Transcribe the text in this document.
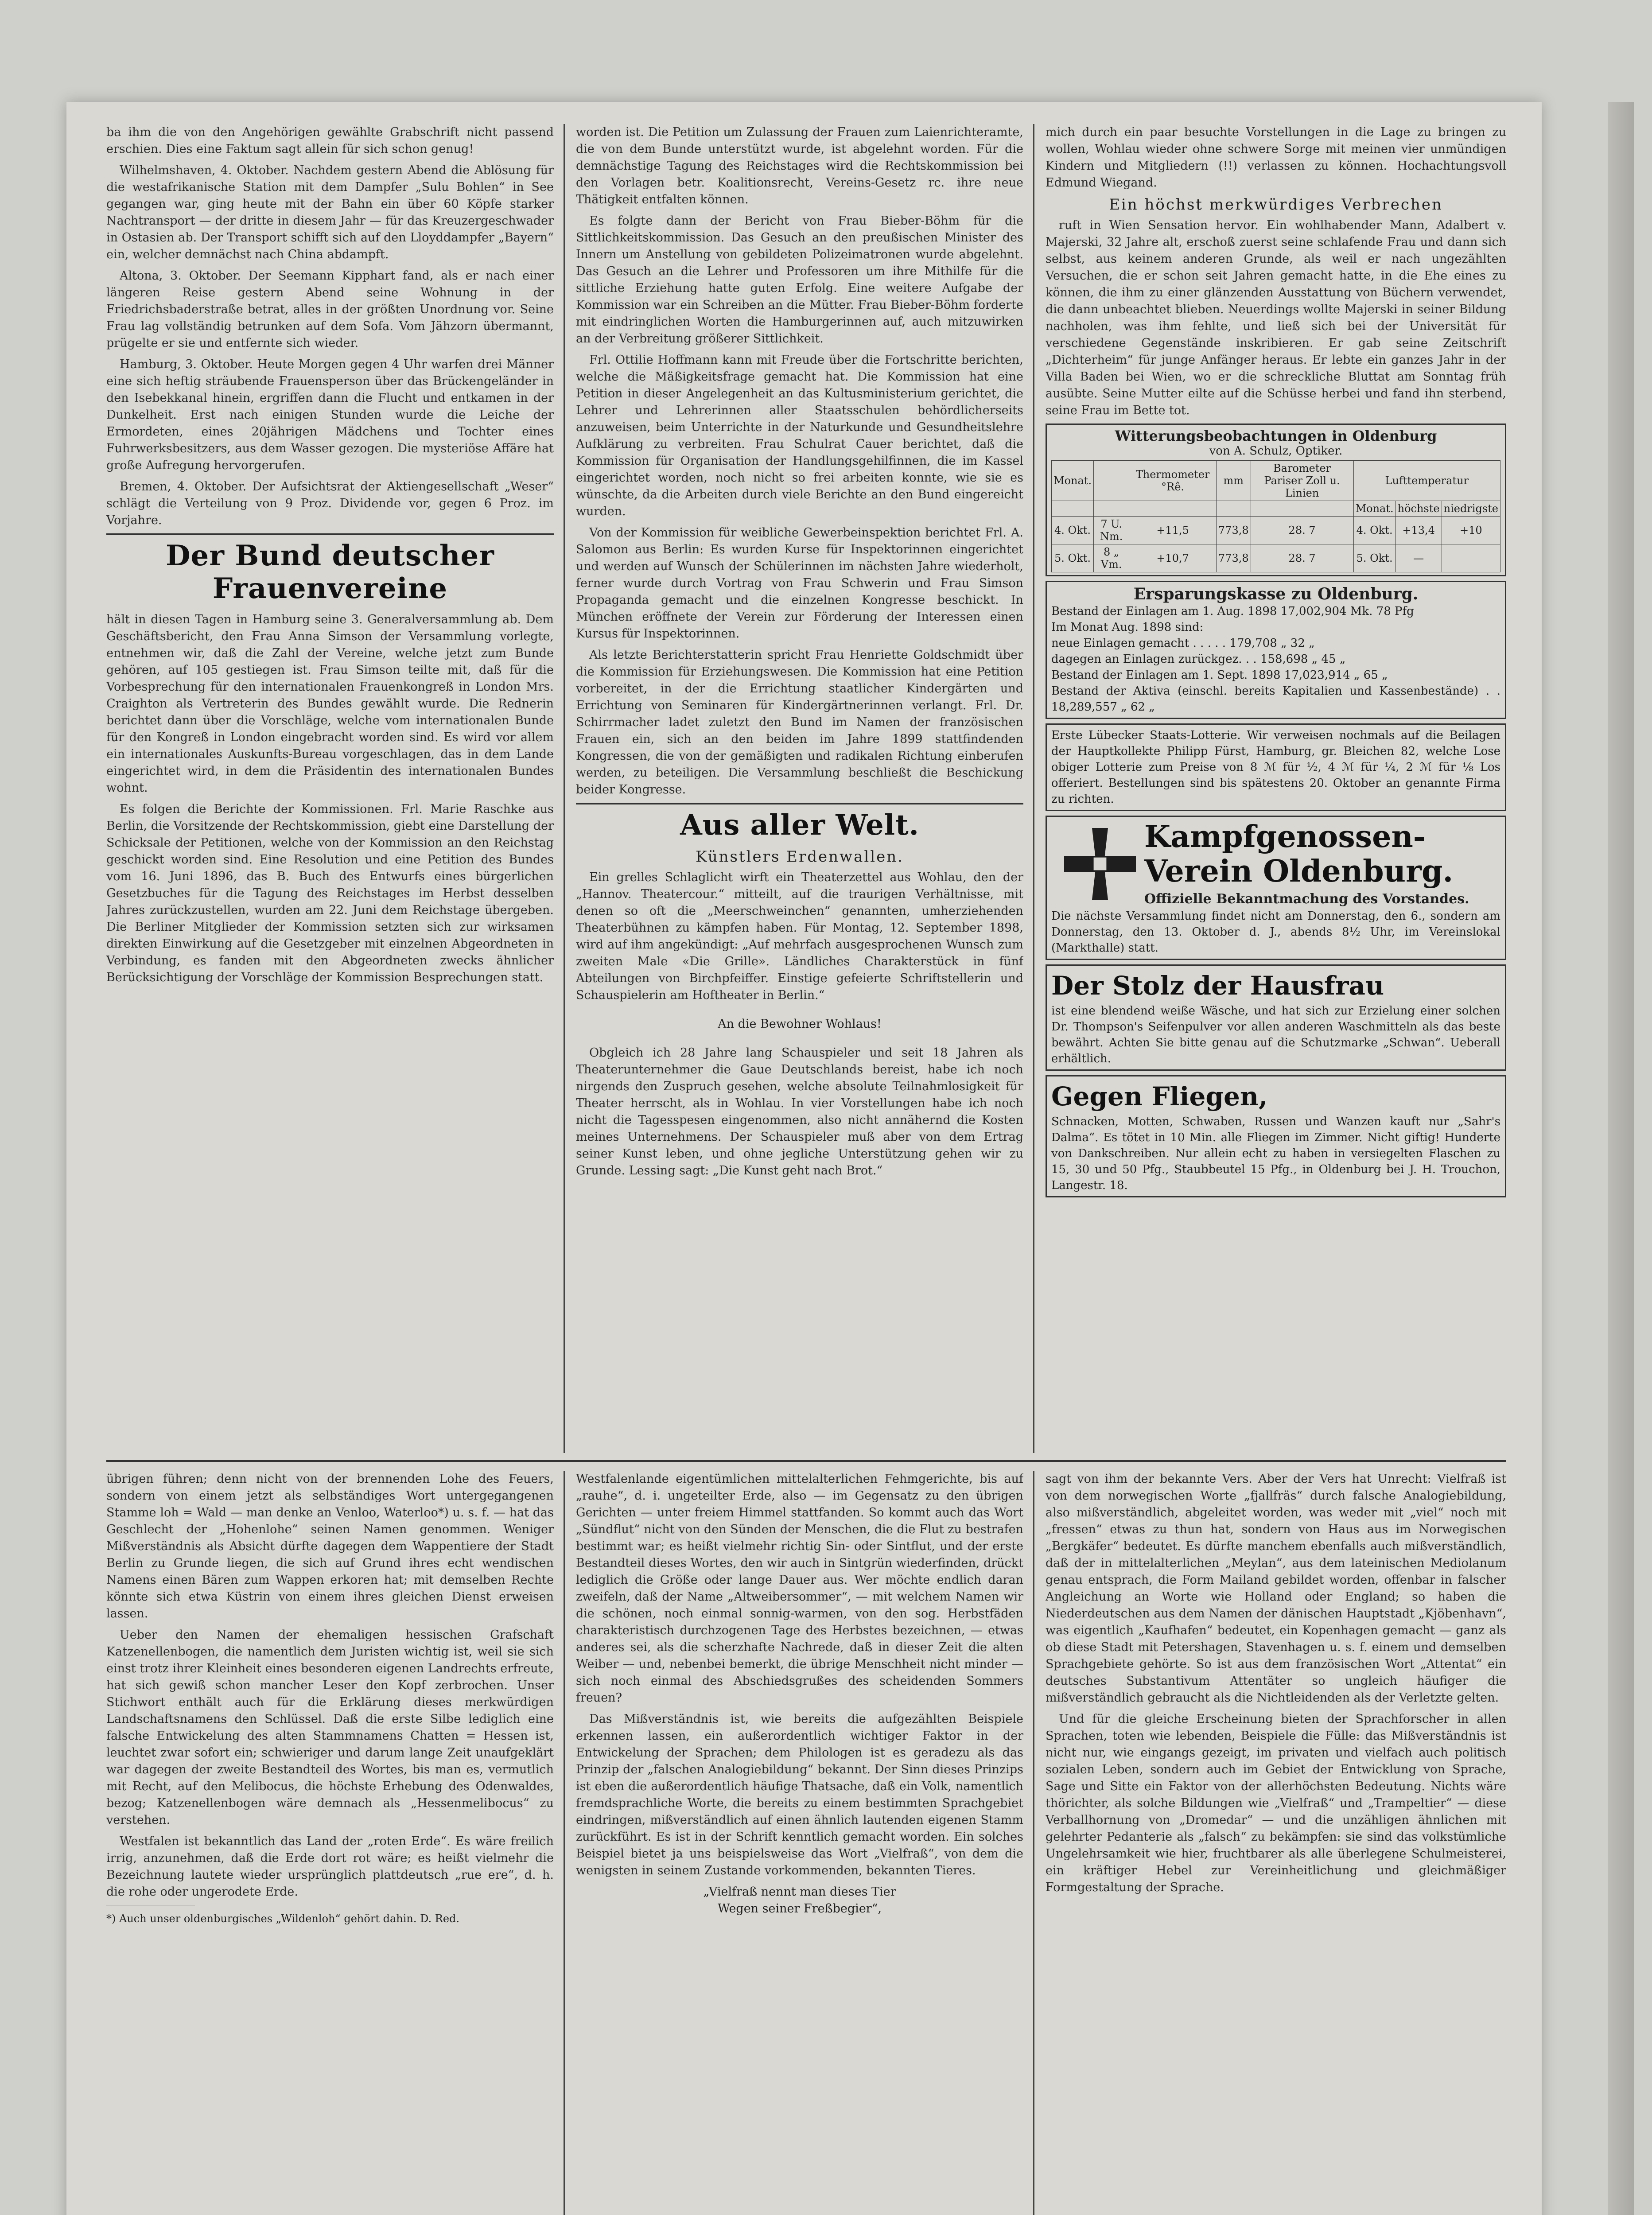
ba ihm die von den Angehörigen gewählte Grabschrift nicht passend erschien. Dies eine Faktum sagt allein für sich schon genug!

Wilhelmshaven, 4. Oktober. Nachdem gestern Abend die Ablösung für die westafrikanische Station mit dem Dampfer „Sulu Bohlen“ in See gegangen war, ging heute mit der Bahn ein über 60 Köpfe starker Nachtransport — der dritte in diesem Jahr — für das Kreuzergeschwader in Ostasien ab. Der Transport schifft sich auf den Lloyddampfer „Bayern“ ein, welcher demnächst nach China abdampft.

Altona, 3. Oktober. Der Seemann Kipphart fand, als er nach einer längeren Reise gestern Abend seine Wohnung in der Friedrichsbaderstraße betrat, alles in der größten Unordnung vor. Seine Frau lag vollständig betrunken auf dem Sofa. Vom Jähzorn übermannt, prügelte er sie und entfernte sich wieder.

Hamburg, 3. Oktober. Heute Morgen gegen 4 Uhr warfen drei Männer eine sich heftig sträubende Frauensperson über das Brückengeländer in den Isebekkanal hinein, ergriffen dann die Flucht und entkamen in der Dunkelheit. Erst nach einigen Stunden wurde die Leiche der Ermordeten, eines 20jährigen Mädchens und Tochter eines Fuhrwerksbesitzers, aus dem Wasser gezogen. Die mysteriöse Affäre hat große Aufregung hervorgerufen.

Bremen, 4. Oktober. Der Aufsichtsrat der Aktiengesellschaft „Weser“ schlägt die Verteilung von 9 Proz. Dividende vor, gegen 6 Proz. im Vorjahre.

Der Bund deutscher Frauenvereine

hält in diesen Tagen in Hamburg seine 3. Generalversammlung ab. Dem Geschäftsbericht, den Frau Anna Simson der Versammlung vorlegte, entnehmen wir, daß die Zahl der Vereine, welche jetzt zum Bunde gehören, auf 105 gestiegen ist. Frau Simson teilte mit, daß für die Vorbesprechung für den internationalen Frauenkongreß in London Mrs. Craighton als Vertreterin des Bundes gewählt wurde. Die Rednerin berichtet dann über die Vorschläge, welche vom internationalen Bunde für den Kongreß in London eingebracht worden sind. Es wird vor allem ein internationales Auskunfts-Bureau vorgeschlagen, das in dem Lande eingerichtet wird, in dem die Präsidentin des internationalen Bundes wohnt.

Es folgen die Berichte der Kommissionen. Frl. Marie Raschke aus Berlin, die Vorsitzende der Rechtskommission, giebt eine Darstellung der Schicksale der Petitionen, welche von der Kommission an den Reichstag geschickt worden sind. Eine Resolution und eine Petition des Bundes vom 16. Juni 1896, das B. Buch des Entwurfs eines bürgerlichen Gesetzbuches für die Tagung des Reichstages im Herbst desselben Jahres zurückzustellen, wurden am 22. Juni dem Reichstage übergeben. Die Berliner Mitglieder der Kommission setzten sich zur wirksamen direkten Einwirkung auf die Gesetzgeber mit einzelnen Abgeordneten in Verbindung, es fanden mit den Abgeordneten zwecks ähnlicher Berücksichtigung der Vorschläge der Kommission Besprechungen statt.

worden ist. Die Petition um Zulassung der Frauen zum Laienrichteramte, die von dem Bunde unterstützt wurde, ist abgelehnt worden. Für die demnächstige Tagung des Reichstages wird die Rechtskommission bei den Vorlagen betr. Koalitionsrecht, Vereins-Gesetz rc. ihre neue Thätigkeit entfalten können.

Es folgte dann der Bericht von Frau Bieber-Böhm für die Sittlichkeitskommission. Das Gesuch an den preußischen Minister des Innern um Anstellung von gebildeten Polizeimatronen wurde abgelehnt. Das Gesuch an die Lehrer und Professoren um ihre Mithilfe für die sittliche Erziehung hatte guten Erfolg. Eine weitere Aufgabe der Kommission war ein Schreiben an die Mütter. Frau Bieber-Böhm forderte mit eindringlichen Worten die Hamburgerinnen auf, auch mitzuwirken an der Verbreitung größerer Sittlichkeit.

Frl. Ottilie Hoffmann kann mit Freude über die Fortschritte berichten, welche die Mäßigkeitsfrage gemacht hat. Die Kommission hat eine Petition in dieser Angelegenheit an das Kultusministerium gerichtet, die Lehrer und Lehrerinnen aller Staatsschulen behördlicherseits anzuweisen, beim Unterrichte in der Naturkunde und Gesundheitslehre Aufklärung zu verbreiten. Frau Schulrat Cauer berichtet, daß die Kommission für Organisation der Handlungsgehilfinnen, die im Kassel eingerichtet worden, noch nicht so frei arbeiten konnte, wie sie es wünschte, da die Arbeiten durch viele Berichte an den Bund eingereicht wurden.

Von der Kommission für weibliche Gewerbeinspektion berichtet Frl. A. Salomon aus Berlin: Es wurden Kurse für Inspektorinnen eingerichtet und werden auf Wunsch der Schülerinnen im nächsten Jahre wiederholt, ferner wurde durch Vortrag von Frau Schwerin und Frau Simson Propaganda gemacht und die einzelnen Kongresse beschickt. In München eröffnete der Verein zur Förderung der Interessen einen Kursus für Inspektorinnen.

Als letzte Berichterstatterin spricht Frau Henriette Goldschmidt über die Kommission für Erziehungswesen. Die Kommission hat eine Petition vorbereitet, in der die Errichtung staatlicher Kindergärten und Errichtung von Seminaren für Kindergärtnerinnen verlangt. Frl. Dr. Schirrmacher ladet zuletzt den Bund im Namen der französischen Frauen ein, sich an den beiden im Jahre 1899 stattfindenden Kongressen, die von der gemäßigten und radikalen Richtung einberufen werden, zu beteiligen. Die Versammlung beschließt die Beschickung beider Kongresse.

Aus aller Welt.
Künstlers Erdenwallen.

Ein grelles Schlaglicht wirft ein Theaterzettel aus Wohlau, den der „Hannov. Theatercour.“ mitteilt, auf die traurigen Verhältnisse, mit denen so oft die „Meerschweinchen“ genannten, umherziehenden Theaterbühnen zu kämpfen haben. Für Montag, 12. September 1898, wird auf ihm angekündigt: „Auf mehrfach ausgesprochenen Wunsch zum zweiten Male «Die Grille». Ländliches Charakterstück in fünf Abteilungen von Birchpfeiffer. Einstige gefeierte Schriftstellerin und Schauspielerin am Hoftheater in Berlin.“

An die Bewohner Wohlaus!

Obgleich ich 28 Jahre lang Schauspieler und seit 18 Jahren als Theaterunternehmer die Gaue Deutschlands bereist, habe ich noch nirgends den Zuspruch gesehen, welche absolute Teilnahmlosigkeit für Theater herrscht, als in Wohlau. In vier Vorstellungen habe ich noch nicht die Tagesspesen eingenommen, also nicht annähernd die Kosten meines Unternehmens. Der Schauspieler muß aber von dem Ertrag seiner Kunst leben, und ohne jegliche Unterstützung gehen wir zu Grunde. Lessing sagt: „Die Kunst geht nach Brot.“

mich durch ein paar besuchte Vorstellungen in die Lage zu bringen zu wollen, Wohlau wieder ohne schwere Sorge mit meinen vier unmündigen Kindern und Mitgliedern (!!) verlassen zu können. Hochachtungsvoll Edmund Wiegand.

Ein höchst merkwürdiges Verbrechen

ruft in Wien Sensation hervor. Ein wohlhabender Mann, Adalbert v. Majerski, 32 Jahre alt, erschoß zuerst seine schlafende Frau und dann sich selbst, aus keinem anderen Grunde, als weil er nach ungezählten Versuchen, die er schon seit Jahren gemacht hatte, in die Ehe eines zu können, die ihm zu einer glänzenden Ausstattung von Büchern verwendet, die dann unbeachtet blieben. Neuerdings wollte Majerski in seiner Bildung nachholen, was ihm fehlte, und ließ sich bei der Universität für verschiedene Gegenstände inskribieren. Er gab seine Zeitschrift „Dichterheim“ für junge Anfänger heraus. Er lebte ein ganzes Jahr in der Villa Baden bei Wien, wo er die schreckliche Bluttat am Sonntag früh ausübte. Seine Mutter eilte auf die Schüsse herbei und fand ihn sterbend, seine Frau im Bette tot.

Witterungsbeobachtungen in Oldenburg
von A. Schulz, Optiker.
Monat.		Thermometer °Rê.	mm	Barometer Pariser Zoll u. Linien	Lufttemperatur		
					Monat.	höchste	niedrigste
4. Okt.	7 U. Nm.	+11,5	773,8	28. 7	4. Okt.	+13,4	+10
5. Okt.	8 „ Vm.	+10,7	773,8	28. 7	5. Okt.	—	
Ersparungskasse zu Oldenburg.
Bestand der Einlagen am 1. Aug. 1898 17,002,904 Mk. 78 Pfg
Im Monat Aug. 1898 sind:
neue Einlagen gemacht . . . . . 179,708 „ 32 „
dagegen an Einlagen zurückgez. . . 158,698 „ 45 „
Bestand der Einlagen am 1. Sept. 1898 17,023,914 „ 65 „
Bestand der Aktiva (einschl. bereits Kapitalien und Kassenbestände) . . 18,289,557 „ 62 „
Erste Lübecker Staats-Lotterie. Wir verweisen nochmals auf die Beilagen der Hauptkollekte Philipp Fürst, Hamburg, gr. Bleichen 82, welche Lose obiger Lotterie zum Preise von 8 ℳ für ½, 4 ℳ für ¼, 2 ℳ für ⅛ Los offeriert. Bestellungen sind bis spätestens 20. Oktober an genannte Firma zu richten.
Kampfgenossen-Verein Oldenburg.
Offizielle Bekanntmachung des Vorstandes.
Die nächste Versammlung findet nicht am Donnerstag, den 6., sondern am Donnerstag, den 13. Oktober d. J., abends 8½ Uhr, im Vereinslokal (Markthalle) statt.
Der Stolz der Hausfrau
ist eine blendend weiße Wäsche, und hat sich zur Erzielung einer solchen Dr. Thompson's Seifenpulver vor allen anderen Waschmitteln als das beste bewährt. Achten Sie bitte genau auf die Schutzmarke „Schwan“. Ueberall erhältlich.
Gegen Fliegen,
Schnacken, Motten, Schwaben, Russen und Wanzen kauft nur „Sahr's Dalma“. Es tötet in 10 Min. alle Fliegen im Zimmer. Nicht giftig! Hunderte von Dankschreiben. Nur allein echt zu haben in versiegelten Flaschen zu 15, 30 und 50 Pfg., Staubbeutel 15 Pfg., in Oldenburg bei J. H. Trouchon, Langestr. 18.

übrigen führen; denn nicht von der brennenden Lohe des Feuers, sondern von einem jetzt als selbständiges Wort untergegangenen Stamme loh = Wald — man denke an Venloo, Waterloo*) u. s. f. — hat das Geschlecht der „Hohenlohe“ seinen Namen genommen. Weniger Mißverständnis als Absicht dürfte dagegen dem Wappentiere der Stadt Berlin zu Grunde liegen, die sich auf Grund ihres echt wendischen Namens einen Bären zum Wappen erkoren hat; mit demselben Rechte könnte sich etwa Küstrin von einem ihres gleichen Dienst erweisen lassen.

Ueber den Namen der ehemaligen hessischen Grafschaft Katzenellenbogen, die namentlich dem Juristen wichtig ist, weil sie sich einst trotz ihrer Kleinheit eines besonderen eigenen Landrechts erfreute, hat sich gewiß schon mancher Leser den Kopf zerbrochen. Unser Stichwort enthält auch für die Erklärung dieses merkwürdigen Landschaftsnamens den Schlüssel. Daß die erste Silbe lediglich eine falsche Entwickelung des alten Stammnamens Chatten = Hessen ist, leuchtet zwar sofort ein; schwieriger und darum lange Zeit unaufgeklärt war dagegen der zweite Bestandteil des Wortes, bis man es, vermutlich mit Recht, auf den Melibocus, die höchste Erhebung des Odenwaldes, bezog; Katzenellenbogen wäre demnach als „Hessenmelibocus“ zu verstehen.

Westfalen ist bekanntlich das Land der „roten Erde“. Es wäre freilich irrig, anzunehmen, daß die Erde dort rot wäre; es heißt vielmehr die Bezeichnung lautete wieder ursprünglich plattdeutsch „rue ere“, d. h. die rohe oder ungerodete Erde.

*) Auch unser oldenburgisches „Wildenloh“ gehört dahin. D. Red.

Westfalenlande eigentümlichen mittelalterlichen Fehmgerichte, bis auf „rauhe“, d. i. ungeteilter Erde, also — im Gegensatz zu den übrigen Gerichten — unter freiem Himmel stattfanden. So kommt auch das Wort „Sündflut“ nicht von den Sünden der Menschen, die die Flut zu bestrafen bestimmt war; es heißt vielmehr richtig Sin- oder Sintflut, und der erste Bestandteil dieses Wortes, den wir auch in Sintgrün wiederfinden, drückt lediglich die Größe oder lange Dauer aus. Wer möchte endlich daran zweifeln, daß der Name „Altweibersommer“, — mit welchem Namen wir die schönen, noch einmal sonnig-warmen, von den sog. Herbstfäden charakteristisch durchzogenen Tage des Herbstes bezeichnen, — etwas anderes sei, als die scherzhafte Nachrede, daß in dieser Zeit die alten Weiber — und, nebenbei bemerkt, die übrige Menschheit nicht minder — sich noch einmal des Abschiedsgrußes des scheidenden Sommers freuen?

Das Mißverständnis ist, wie bereits die aufgezählten Beispiele erkennen lassen, ein außerordentlich wichtiger Faktor in der Entwickelung der Sprachen; dem Philologen ist es geradezu als das Prinzip der „falschen Analogiebildung“ bekannt. Der Sinn dieses Prinzips ist eben die außerordentlich häufige Thatsache, daß ein Volk, namentlich fremdsprachliche Worte, die bereits zu einem bestimmten Sprachgebiet eindringen, mißverständlich auf einen ähnlich lautenden eigenen Stamm zurückführt. Es ist in der Schrift kenntlich gemacht worden. Ein solches Beispiel bietet ja uns beispielsweise das Wort „Vielfraß“, von dem die wenigsten in seinem Zustande vorkommenden, bekannten Tieres.

„Vielfraß nennt man dieses Tier
Wegen seiner Freßbegier“,

sagt von ihm der bekannte Vers. Aber der Vers hat Unrecht: Vielfraß ist von dem norwegischen Worte „fjallfräs“ durch falsche Analogiebildung, also mißverständlich, abgeleitet worden, was weder mit „viel“ noch mit „fressen“ etwas zu thun hat, sondern von Haus aus im Norwegischen „Bergkäfer“ bedeutet. Es dürfte manchem ebenfalls auch mißverständlich, daß der in mittelalterlichen „Meylan“, aus dem lateinischen Mediolanum genau entsprach, die Form Mailand gebildet worden, offenbar in falscher Angleichung an Worte wie Holland oder England; so haben die Niederdeutschen aus dem Namen der dänischen Hauptstadt „Kjöbenhavn“, was eigentlich „Kaufhafen“ bedeutet, ein Kopenhagen gemacht — ganz als ob diese Stadt mit Petershagen, Stavenhagen u. s. f. einem und demselben Sprachgebiete gehörte. So ist aus dem französischen Wort „Attentat“ ein deutsches Substantivum Attentäter so ungleich häufiger die mißverständlich gebraucht als die Nichtleidenden als der Verletzte gelten.

Und für die gleiche Erscheinung bieten der Sprachforscher in allen Sprachen, toten wie lebenden, Beispiele die Fülle: das Mißverständnis ist nicht nur, wie eingangs gezeigt, im privaten und vielfach auch politisch sozialen Leben, sondern auch im Gebiet der Entwicklung von Sprache, Sage und Sitte ein Faktor von der allerhöchsten Bedeutung. Nichts wäre thörichter, als solche Bildungen wie „Vielfraß“ und „Trampeltier“ — diese Verballhornung von „Dromedar“ — und die unzähligen ähnlichen mit gelehrter Pedanterie als „falsch“ zu bekämpfen: sie sind das volkstümliche Ungelehrsamkeit wie hier, fruchtbarer als alle überlegene Schulmeisterei, ein kräftiger Hebel zur Vereinheitlichung und gleichmäßiger Formgestaltung der Sprache.
